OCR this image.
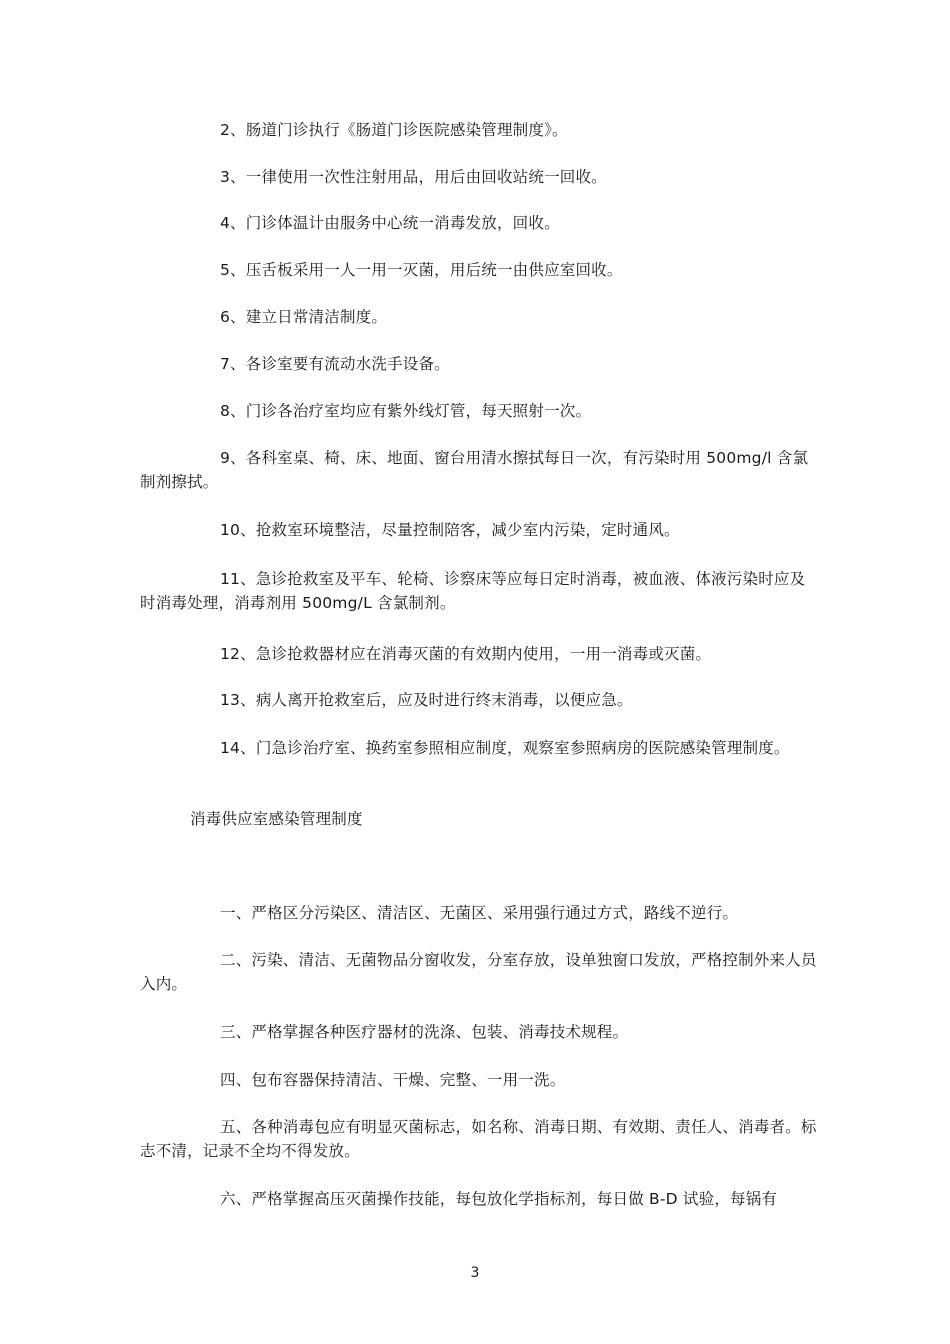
2、肠道门诊执行《肠道门诊医院感染管理制度》。

3、一律使用一次性注射用品，用后由回收站统一回收。

4、门诊体温计由服务中心统一消毒发放，回收。

5、压舌板采用一人一用一灭菌，用后统一由供应室回收。

6、建立日常清洁制度。

7、各诊室要有流动水洗手设备。

8、门诊各治疗室均应有紫外线灯管，每天照射一次。

9、各科室桌、椅、床、地面、窗台用清水擦拭每日一次，有污染时用 500mg/l 含氯制剂擦拭。

10、抢救室环境整洁，尽量控制陪客，减少室内污染，定时通风。

11、急诊抢救室及平车、轮椅、诊察床等应每日定时消毒，被血液、体液污染时应及时消毒处理，消毒剂用 500mg/L 含氯制剂。

12、急诊抢救器材应在消毒灭菌的有效期内使用，一用一消毒或灭菌。

13、病人离开抢救室后，应及时进行终末消毒，以便应急。

14、门急诊治疗室、换药室参照相应制度，观察室参照病房的医院感染管理制度。

消毒供应室感染管理制度

一、严格区分污染区、清洁区、无菌区、采用强行通过方式，路线不逆行。

二、污染、清洁、无菌物品分窗收发，分室存放，设单独窗口发放，严格控制外来人员入内。

三、严格掌握各种医疗器材的洗涤、包装、消毒技术规程。

四、包布容器保持清洁、干燥、完整、一用一洗。

五、各种消毒包应有明显灭菌标志，如名称、消毒日期、有效期、责任人、消毒者。标志不清，记录不全均不得发放。

六、严格掌握高压灭菌操作技能，每包放化学指标剂，每日做 B-D 试验，每锅有

3
